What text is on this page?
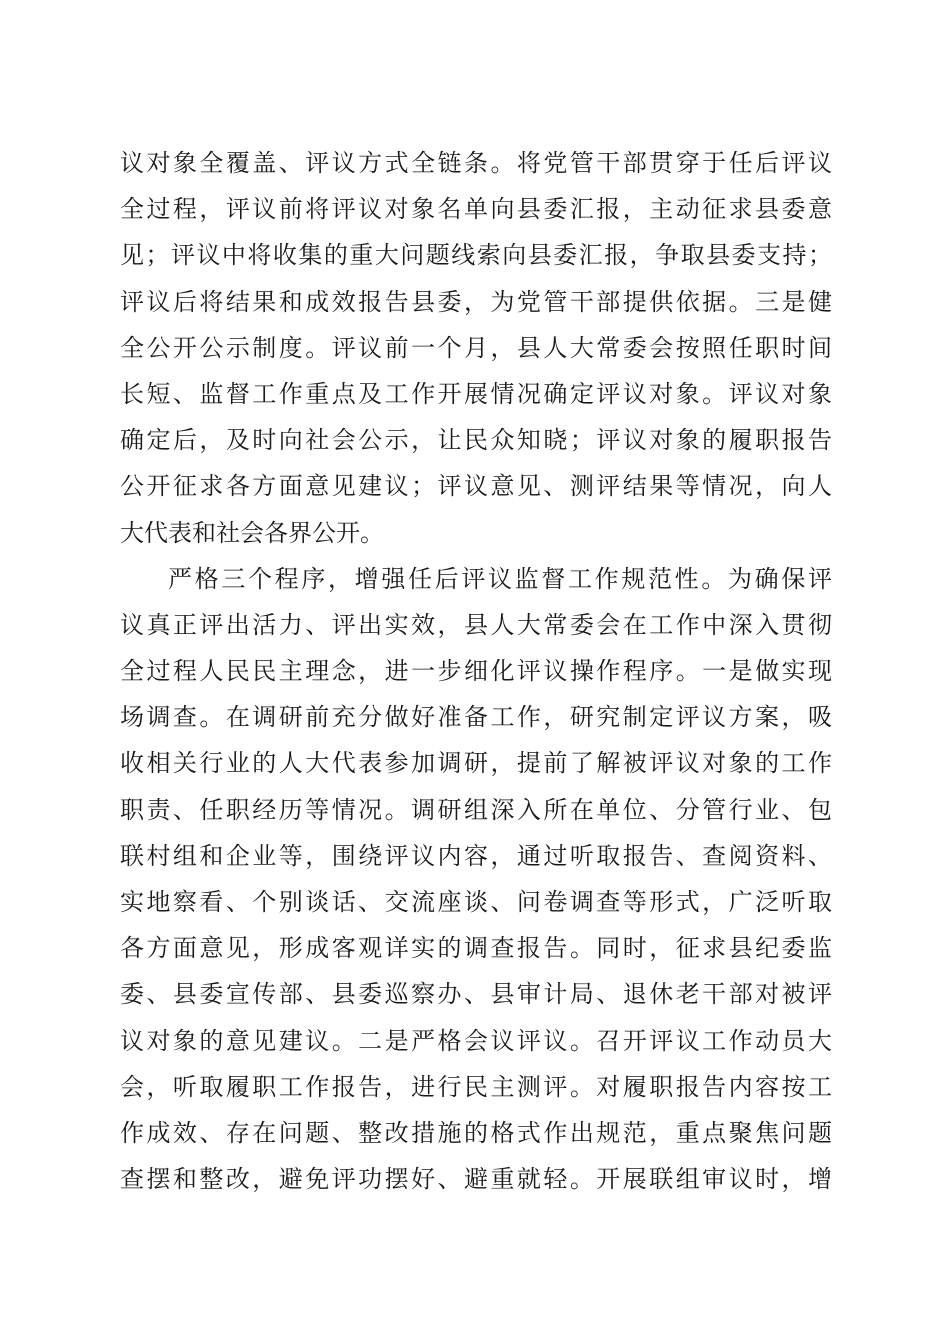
议对象全覆盖、评议方式全链条。将党管干部贯穿于任后评议
全过程，评议前将评议对象名单向县委汇报，主动征求县委意
见；评议中将收集的重大问题线索向县委汇报，争取县委支持；
评议后将结果和成效报告县委，为党管干部提供依据。三是健
全公开公示制度。评议前一个月，县人大常委会按照任职时间
长短、监督工作重点及工作开展情况确定评议对象。评议对象
确定后，及时向社会公示，让民众知晓；评议对象的履职报告
公开征求各方面意见建议；评议意见、测评结果等情况，向人
大代表和社会各界公开。
严格三个程序，增强任后评议监督工作规范性。为确保评
议真正评出活力、评出实效，县人大常委会在工作中深入贯彻
全过程人民民主理念，进一步细化评议操作程序。一是做实现
场调查。在调研前充分做好准备工作，研究制定评议方案，吸
收相关行业的人大代表参加调研，提前了解被评议对象的工作
职责、任职经历等情况。调研组深入所在单位、分管行业、包
联村组和企业等，围绕评议内容，通过听取报告、查阅资料、
实地察看、个别谈话、交流座谈、问卷调查等形式，广泛听取
各方面意见，形成客观详实的调查报告。同时，征求县纪委监
委、县委宣传部、县委巡察办、县审计局、退休老干部对被评
议对象的意见建议。二是严格会议评议。召开评议工作动员大
会，听取履职工作报告，进行民主测评。对履职报告内容按工
作成效、存在问题、整改措施的格式作出规范，重点聚焦问题
查摆和整改，避免评功摆好、避重就轻。开展联组审议时，增
